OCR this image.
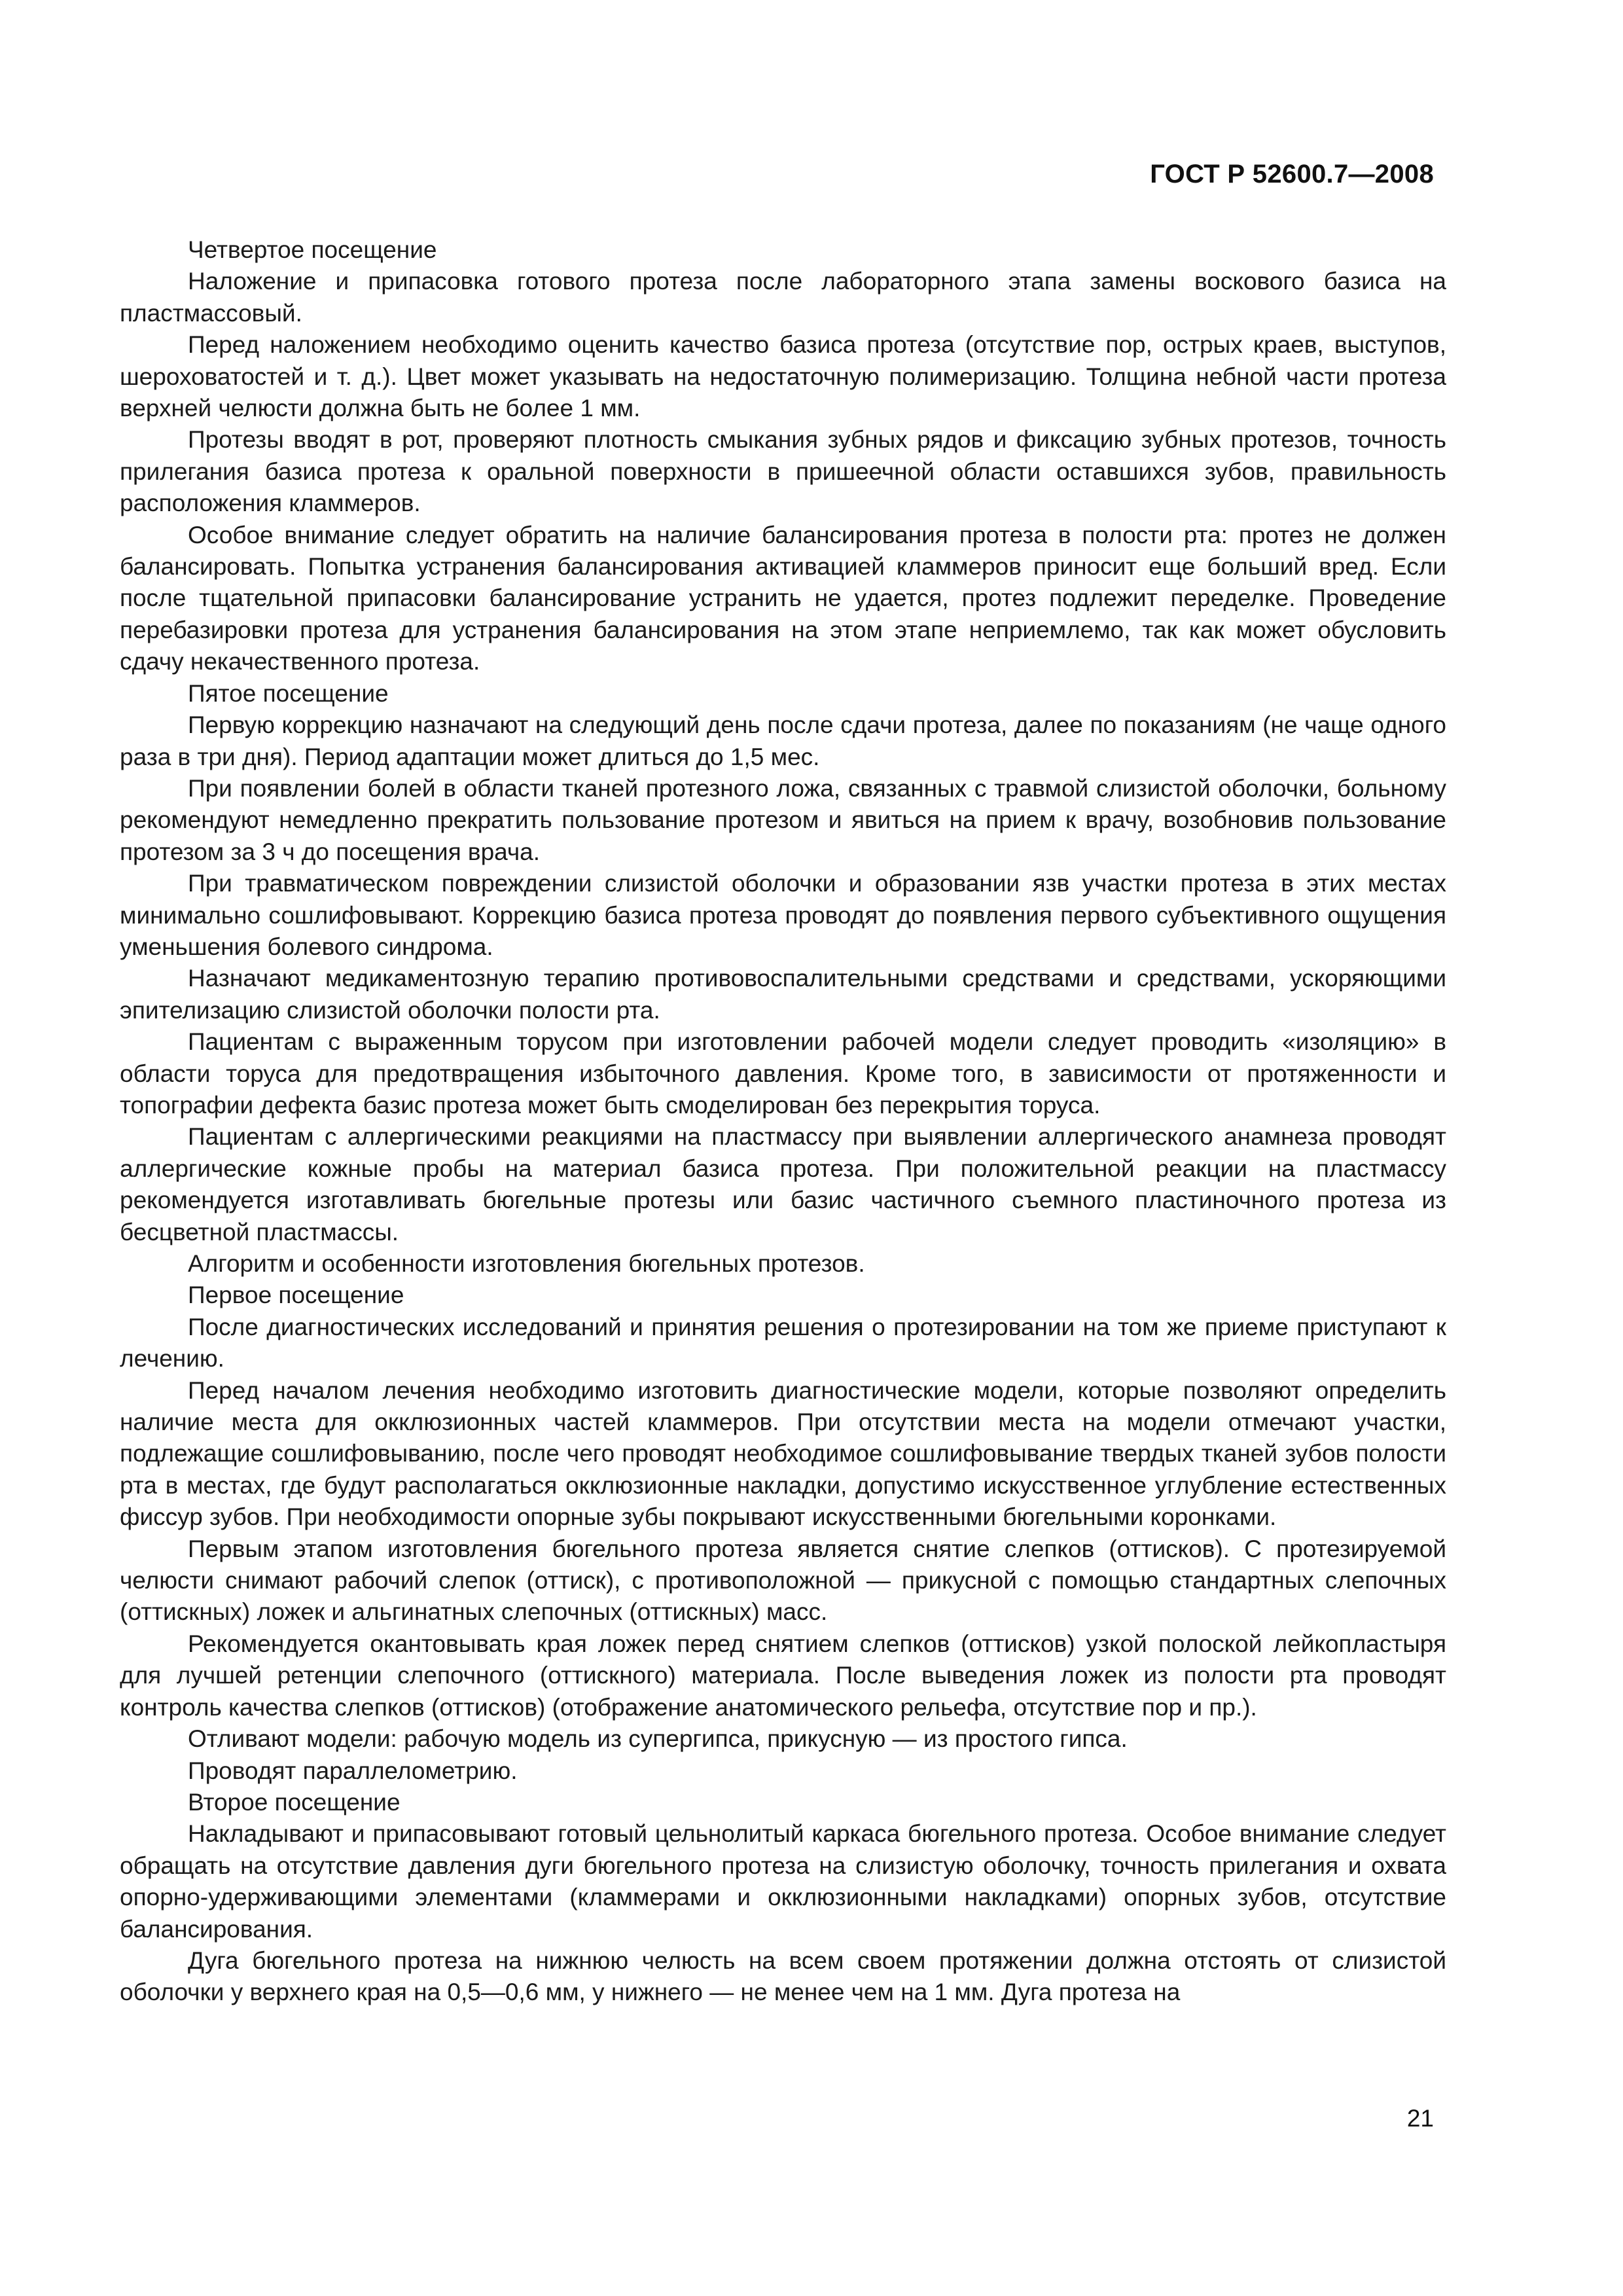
ГОСТ Р 52600.7—2008

Четвертое посещение

Наложение и припасовка готового протеза после лабораторного этапа замены воскового базиса на пластмассовый.

Перед наложением необходимо оценить качество базиса протеза (отсутствие пор, острых краев, выступов, шероховатостей и т. д.). Цвет может указывать на недостаточную полимеризацию. Толщина небной части протеза верхней челюсти должна быть не более 1 мм.

Протезы вводят в рот, проверяют плотность смыкания зубных рядов и фиксацию зубных протезов, точность прилегания базиса протеза к оральной поверхности в пришеечной области оставшихся зубов, правильность расположения кламмеров.

Особое внимание следует обратить на наличие балансирования протеза в полости рта: протез не должен балансировать. Попытка устранения балансирования активацией кламмеров приносит еще больший вред. Если после тщательной припасовки балансирование устранить не удается, протез подлежит переделке. Проведение перебазировки протеза для устранения балансирования на этом этапе неприемлемо, так как может обусловить сдачу некачественного протеза.

Пятое посещение

Первую коррекцию назначают на следующий день после сдачи протеза, далее по показаниям (не чаще одного раза в три дня). Период адаптации может длиться до 1,5 мес.

При появлении болей в области тканей протезного ложа, связанных с травмой слизистой оболочки, больному рекомендуют немедленно прекратить пользование протезом и явиться на прием к врачу, возобновив пользование протезом за 3 ч до посещения врача.

При травматическом повреждении слизистой оболочки и образовании язв участки протеза в этих местах минимально сошлифовывают. Коррекцию базиса протеза проводят до появления первого субъективного ощущения уменьшения болевого синдрома.

Назначают медикаментозную терапию противовоспалительными средствами и средствами, ускоряющими эпителизацию слизистой оболочки полости рта.

Пациентам с выраженным торусом при изготовлении рабочей модели следует проводить «изоляцию» в области торуса для предотвращения избыточного давления. Кроме того, в зависимости от протяженности и топографии дефекта базис протеза может быть смоделирован без перекрытия торуса.

Пациентам с аллергическими реакциями на пластмассу при выявлении аллергического анамнеза проводят аллергические кожные пробы на материал базиса протеза. При положительной реакции на пластмассу рекомендуется изготавливать бюгельные протезы или базис частичного съемного пластиночного протеза из бесцветной пластмассы.

Алгоритм и особенности изготовления бюгельных протезов.

Первое посещение

После диагностических исследований и принятия решения о протезировании на том же приеме приступают к лечению.

Перед началом лечения необходимо изготовить диагностические модели, которые позволяют определить наличие места для окклюзионных частей кламмеров. При отсутствии места на модели отмечают участки, подлежащие сошлифовыванию, после чего проводят необходимое сошлифовывание твердых тканей зубов полости рта в местах, где будут располагаться окклюзионные накладки, допустимо искусственное углубление естественных фиссур зубов. При необходимости опорные зубы покрывают искусственными бюгельными коронками.

Первым этапом изготовления бюгельного протеза является снятие слепков (оттисков). С протезируемой челюсти снимают рабочий слепок (оттиск), с противоположной — прикусной с помощью стандартных слепочных (оттискных) ложек и альгинатных слепочных (оттискных) масс.

Рекомендуется окантовывать края ложек перед снятием слепков (оттисков) узкой полоской лейкопластыря для лучшей ретенции слепочного (оттискного) материала. После выведения ложек из полости рта проводят контроль качества слепков (оттисков) (отображение анатомического рельефа, отсутствие пор и пр.).

Отливают модели: рабочую модель из супергипса, прикусную — из простого гипса.

Проводят параллелометрию.

Второе посещение

Накладывают и припасовывают готовый цельнолитый каркаса бюгельного протеза. Особое внимание следует обращать на отсутствие давления дуги бюгельного протеза на слизистую оболочку, точность прилегания и охвата опорно-удерживающими элементами (кламмерами и окклюзионными накладками) опорных зубов, отсутствие балансирования.

Дуга бюгельного протеза на нижнюю челюсть на всем своем протяжении должна отстоять от слизистой оболочки у верхнего края на 0,5—0,6 мм, у нижнего — не менее чем на 1 мм. Дуга протеза на

21
